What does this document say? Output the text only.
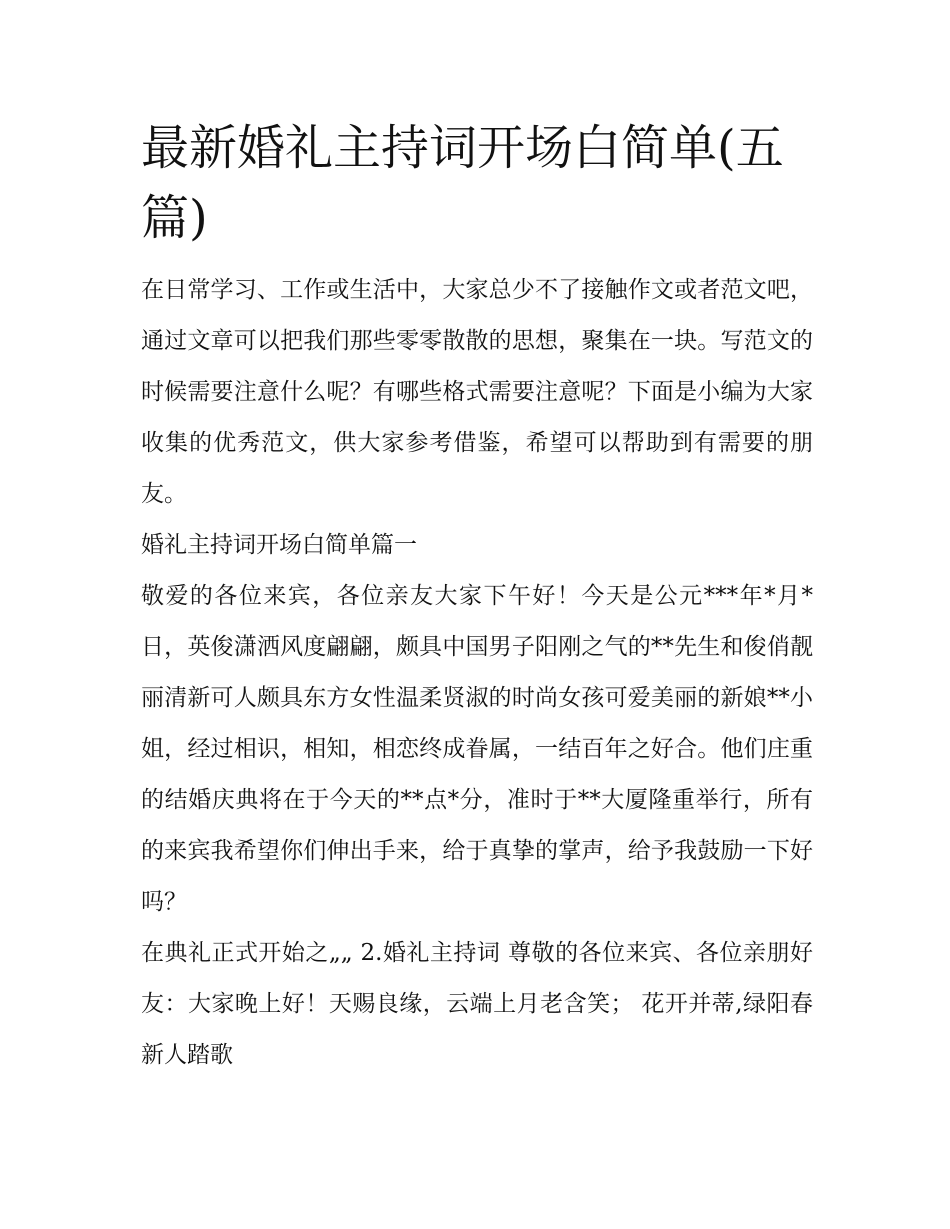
最新婚礼主持词开场白简单(五篇)

在日常学习、工作或生活中，大家总少不了接触作文或者范文吧，通过文章可以把我们那些零零散散的思想，聚集在一块。写范文的时候需要注意什么呢？有哪些格式需要注意呢？下面是小编为大家收集的优秀范文，供大家参考借鉴，希望可以帮助到有需要的朋友。

婚礼主持词开场白简单篇一

敬爱的各位来宾，各位亲友大家下午好！今天是公元***年*月*日，英俊潇洒风度翩翩，颇具中国男子阳刚之气的**先生和俊俏靓丽清新可人颇具东方女性温柔贤淑的时尚女孩可爱美丽的新娘**小姐，经过相识，相知，相恋终成眷属，一结百年之好合。他们庄重的结婚庆典将在于今天的**点*分，准时于**大厦隆重举行，所有的来宾我希望你们伸出手来，给于真挚的掌声，给予我鼓励一下好吗？

在典礼正式开始之„„ 2.婚礼主持词 尊敬的各位来宾、各位亲朋好友：大家晚上好！天赐良缘，云端上月老含笑； 花开并蒂,绿阳春新人踏歌
